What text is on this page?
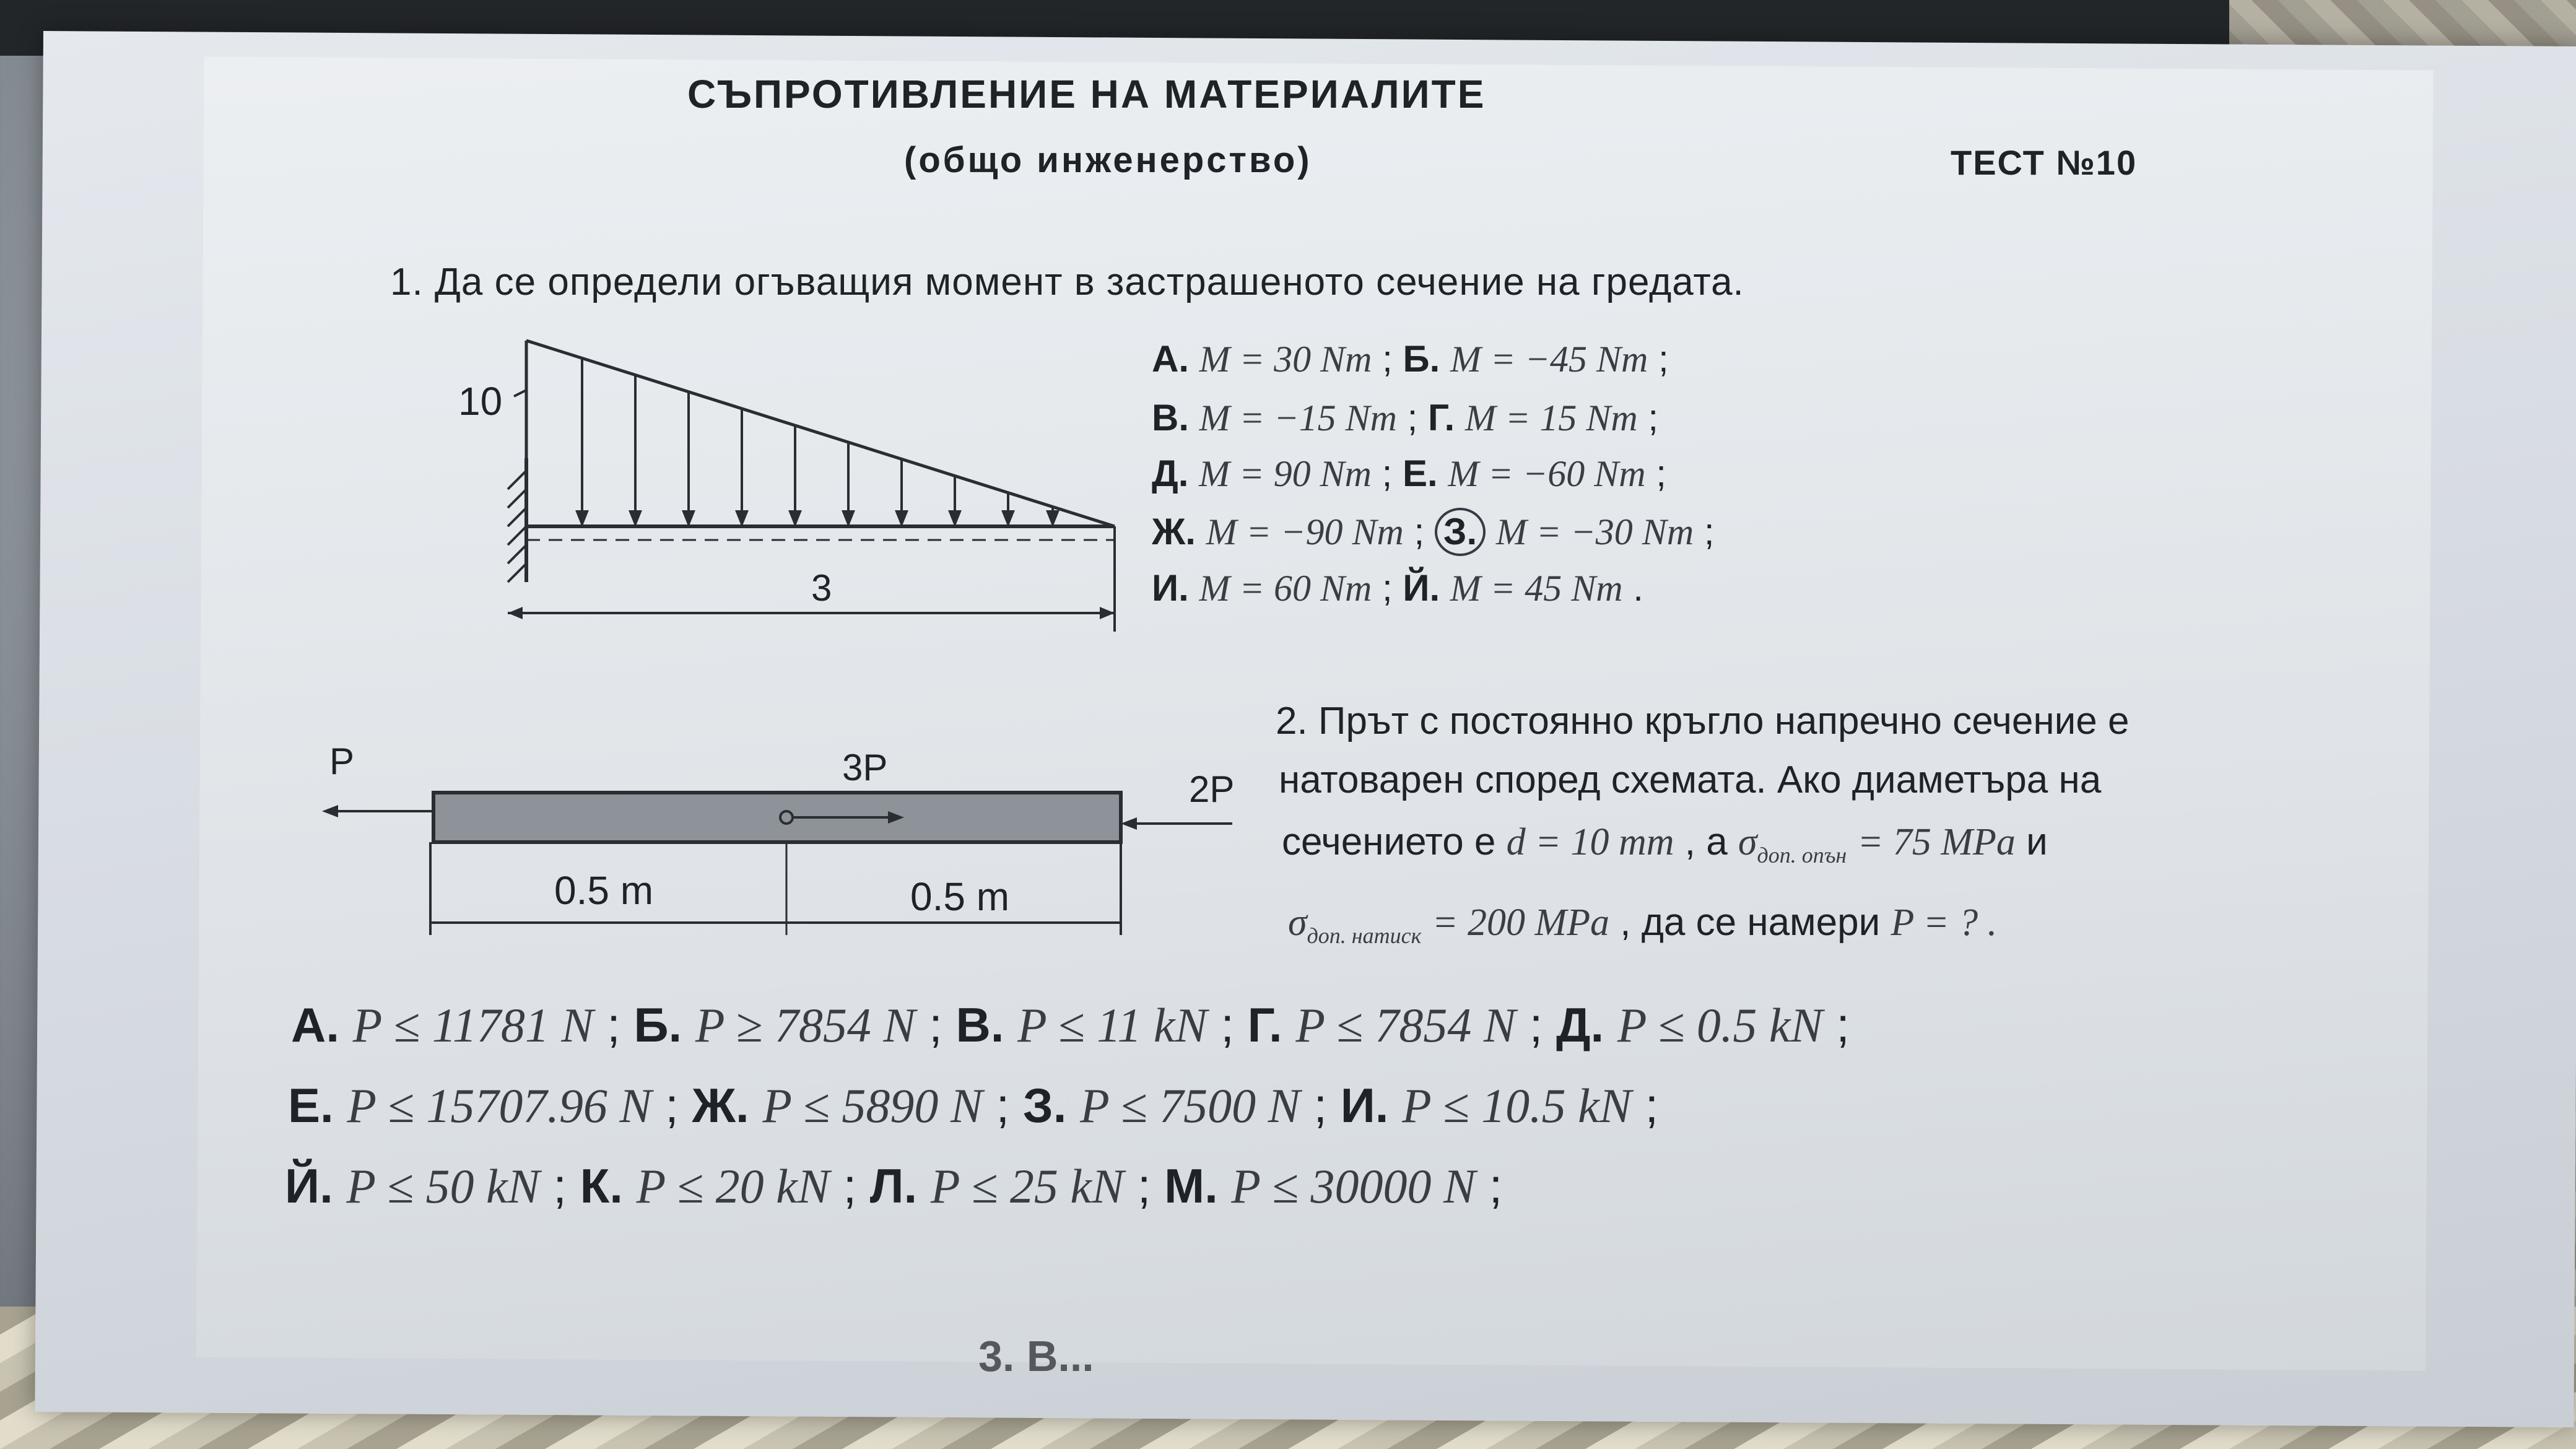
СЪПРОТИВЛЕНИЕ НА МАТЕРИАЛИТЕ
(общо инженерство)	ТЕСТ №10
1. Да се определи огъващия момент в застрашеното сечение на гредата.
10
3
А. M = 30 Nm ; Б. M = −45 Nm ;
В. M = −15 Nm ; Г. M = 15 Nm ;
Д. M = 90 Nm ; Е. M = −60 Nm ;
Ж. M = −90 Nm ; З. M = −30 Nm ;
И. M = 60 Nm ; Й. M = 45 Nm .
P	3P
2P
0.5 m	0.5 m
2. Прът с постоянно кръгло напречно сечение е
натоварен според схемата. Ако диаметъра на
сечението е d = 10 mm , а $\sigma_{доп. опън} = 75$ MPa и
$\sigma_{доп. натиск} = 200$ MPa , да се намери P = ? .
А. P ≤ 11781 N ; Б. P ≥ 7854 N ; В. P ≤ 11 kN ; Г. P ≤ 7854 N ; Д. P ≤ 0.5 kN ;
Е. P ≤ 15707.96 N ; Ж. P ≤ 5890 N ; З. P ≤ 7500 N ; И. P ≤ 10.5 kN ;
Й. P ≤ 50 kN ; К. P ≤ 20 kN ; Л. P ≤ 25 kN ; М. P ≤ 30000 N ;
3. В...
